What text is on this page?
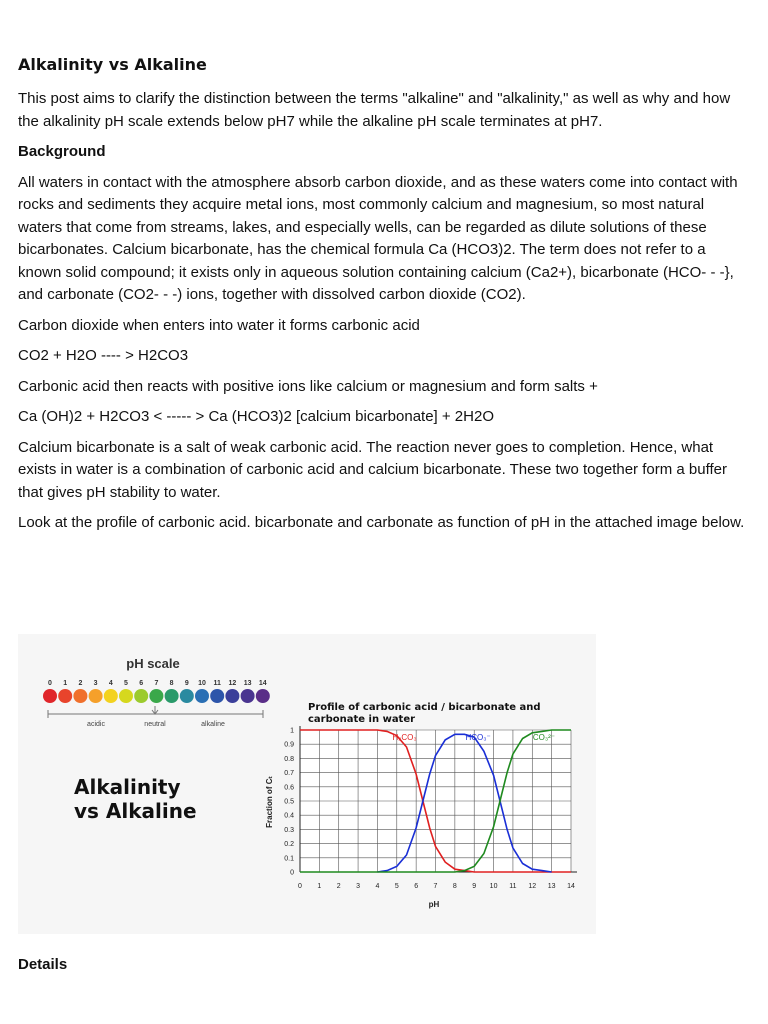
Alkalinity vs Alkaline

This post aims to clarify the distinction between the terms "alkaline" and "alkalinity," as well as why and how the alkalinity pH scale extends below pH7 while the alkaline pH scale terminates at pH7.

Background

All waters in contact with the atmosphere absorb carbon dioxide, and as these waters come into contact with rocks and sediments they acquire metal ions, most commonly calcium and magnesium, so most natural waters that come from streams, lakes, and especially wells, can be regarded as dilute solutions of these bicarbonates. Calcium bicarbonate, has the chemical formula Ca (HCO3)2. The term does not refer to a known solid compound; it exists only in aqueous solution containing calcium (Ca2+), bicarbonate (HCO- - -}, and carbonate (CO2- - -) ions, together with dissolved carbon dioxide (CO2).

Carbon dioxide when enters into water it forms carbonic acid

CO2 + H2O ---- > H2CO3

Carbonic acid then reacts with positive ions like calcium or magnesium and form salts +

Ca (OH)2 + H2CO3 < ----- > Ca (HCO3)2 [calcium bicarbonate] + 2H2O

Calcium bicarbonate is a salt of weak carbonic acid. The reaction never goes to completion. Hence, what exists in water is a combination of carbonic acid and calcium bicarbonate. These two together form a buffer that gives pH stability to water.

Look at the profile of carbonic acid. bicarbonate and carbonate as function of pH in the attached image below.

pH scale
0 1 2 3 4 5 6 7 8 9 10 11 12 13 14
acidic	neutral	alkaline
Alkalinity
vs Alkaline
Profile of carbonic acid / bicarbonate and
carbonate in water
0 1 2 3 4 5 6 7 8 9 10 11 12 13 14
0
0.1
0.2
0.3
0.4
0.5
0.6
0.7
0.8
0.9
1
H₂CO₃	HCO₃⁻	CO₃²⁻
pH
Fraction of Cₜ

Details
